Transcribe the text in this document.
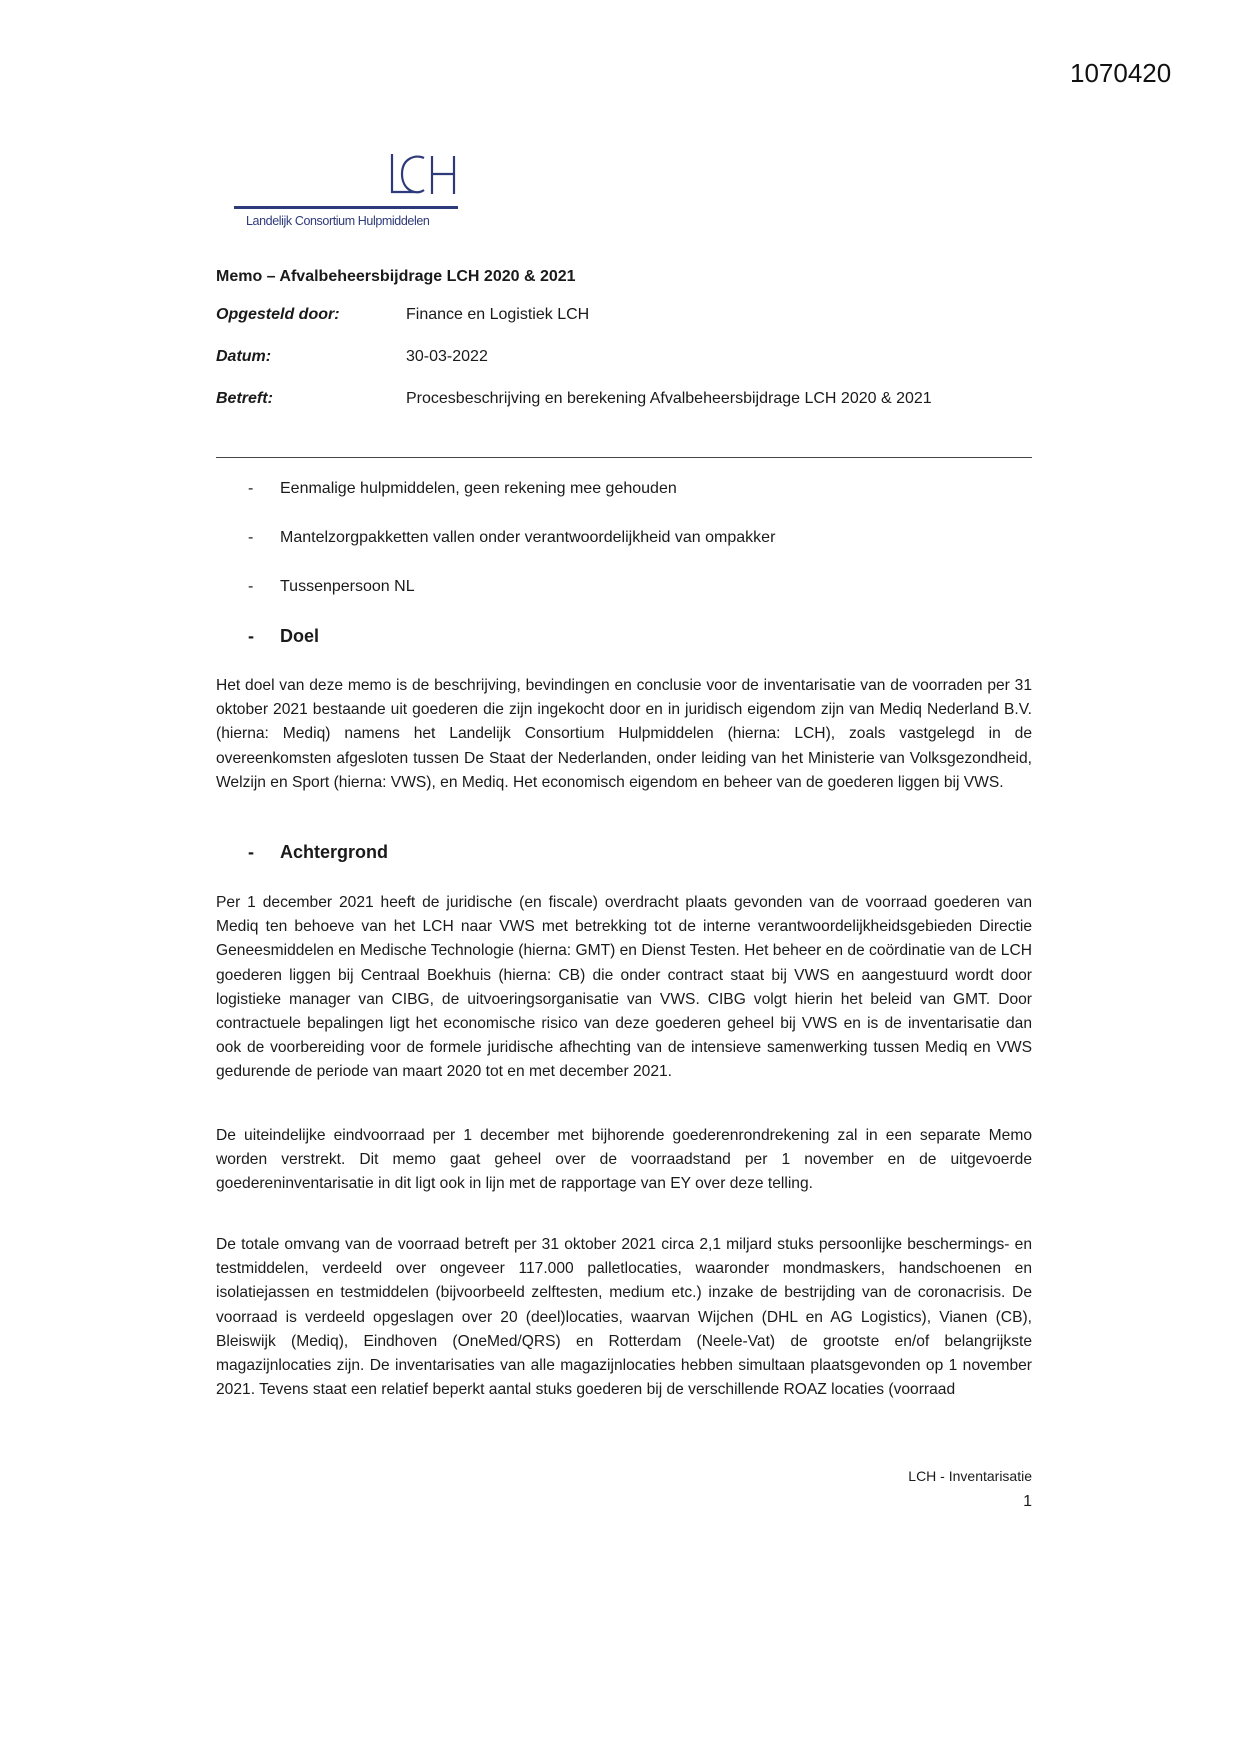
1070420
Landelijk Consortium Hulpmiddelen
Memo – Afvalbeheersbijdrage LCH 2020 & 2021
Opgesteld door:	Finance en Logistiek LCH
Datum:	30-03-2022
Betreft:	Procesbeschrijving en berekening Afvalbeheersbijdrage LCH 2020 & 2021
- Eenmalige hulpmiddelen, geen rekening mee gehouden
- Mantelzorgpakketten vallen onder verantwoordelijkheid van ompakker
- Tussenpersoon NL
- Doel

Het doel van deze memo is de beschrijving, bevindingen en conclusie voor de inventarisatie van de voorraden per 31 oktober 2021 bestaande uit goederen die zijn ingekocht door en in juridisch eigendom zijn van Mediq Nederland B.V. (hierna: Mediq) namens het Landelijk Consortium Hulpmiddelen (hierna: LCH), zoals vastgelegd in de overeenkomsten afgesloten tussen De Staat der Nederlanden, onder leiding van het Ministerie van Volksgezondheid, Welzijn en Sport (hierna: VWS), en Mediq. Het economisch eigendom en beheer van de goederen liggen bij VWS.

- Achtergrond

Per 1 december 2021 heeft de juridische (en fiscale) overdracht plaats gevonden van de voorraad goederen van Mediq ten behoeve van het LCH naar VWS met betrekking tot de interne verantwoordelijkheidsgebieden Directie Geneesmiddelen en Medische Technologie (hierna: GMT) en Dienst Testen. Het beheer en de coördinatie van de LCH goederen liggen bij Centraal Boekhuis (hierna: CB) die onder contract staat bij VWS en aangestuurd wordt door logistieke manager van CIBG, de uitvoeringsorganisatie van VWS. CIBG volgt hierin het beleid van GMT. Door contractuele bepalingen ligt het economische risico van deze goederen geheel bij VWS en is de inventarisatie dan ook de voorbereiding voor de formele juridische afhechting van de intensieve samenwerking tussen Mediq en VWS gedurende de periode van maart 2020 tot en met december 2021.

De uiteindelijke eindvoorraad per 1 december met bijhorende goederenrondrekening zal in een separate Memo worden verstrekt. Dit memo gaat geheel over de voorraadstand per 1 november en de uitgevoerde goedereninventarisatie in dit ligt ook in lijn met de rapportage van EY over deze telling.

De totale omvang van de voorraad betreft per 31 oktober 2021 circa 2,1 miljard stuks persoonlijke beschermings- en testmiddelen, verdeeld over ongeveer 117.000 palletlocaties, waaronder mondmaskers, handschoenen en isolatiejassen en testmiddelen (bijvoorbeeld zelftesten, medium etc.) inzake de bestrijding van de coronacrisis. De voorraad is verdeeld opgeslagen over 20 (deel)locaties, waarvan Wijchen (DHL en AG Logistics), Vianen (CB), Bleiswijk (Mediq), Eindhoven (OneMed/QRS) en Rotterdam (Neele-Vat) de grootste en/of belangrijkste magazijnlocaties zijn. De inventarisaties van alle magazijnlocaties hebben simultaan plaatsgevonden op 1 november 2021. Tevens staat een relatief beperkt aantal stuks goederen bij de verschillende ROAZ locaties (voorraad

LCH - Inventarisatie
1
